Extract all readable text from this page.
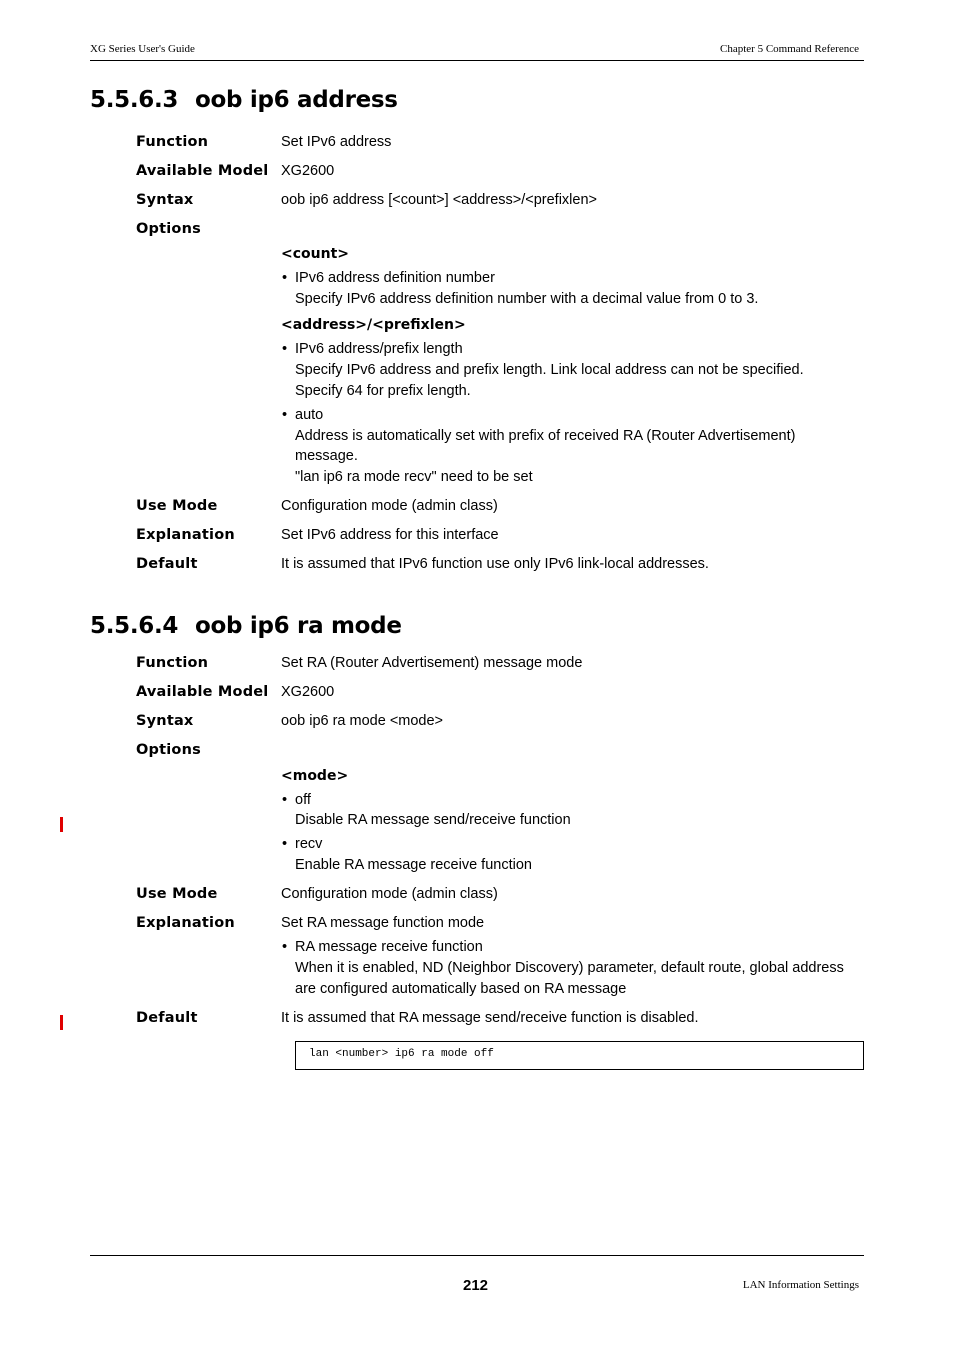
XG Series User's Guide	Chapter 5 Command Reference
5.5.6.3 oob ip6 address
Function	Set IPv6 address
Available Model XG2600
Syntax	oob ip6 address [<count>] <address>/<prefixlen>
Options
<count>
• IPv6 address definition number
Specify IPv6 address definition number with a decimal value from 0 to 3.
<address>/<prefixlen>
• IPv6 address/prefix length
Specify IPv6 address and prefix length. Link local address can not be specified.
Specify 64 for prefix length.
• auto
Address is automatically set with prefix of received RA (Router Advertisement)
message.
"lan ip6 ra mode recv" need to be set
Use Mode	Configuration mode (admin class)
Explanation	Set IPv6 address for this interface
Default	It is assumed that IPv6 function use only IPv6 link-local addresses.
5.5.6.4 oob ip6 ra mode
Function	Set RA (Router Advertisement) message mode
Available Model XG2600
Syntax	oob ip6 ra mode <mode>
Options
<mode>
• off
Disable RA message send/receive function
• recv
Enable RA message receive function
Use Mode	Configuration mode (admin class)
Explanation	Set RA message function mode
• RA message receive function
When it is enabled, ND (Neighbor Discovery) parameter, default route, global address
are configured automatically based on RA message
Default	It is assumed that RA message send/receive function is disabled.
lan <number> ip6 ra mode off
212	LAN Information Settings
